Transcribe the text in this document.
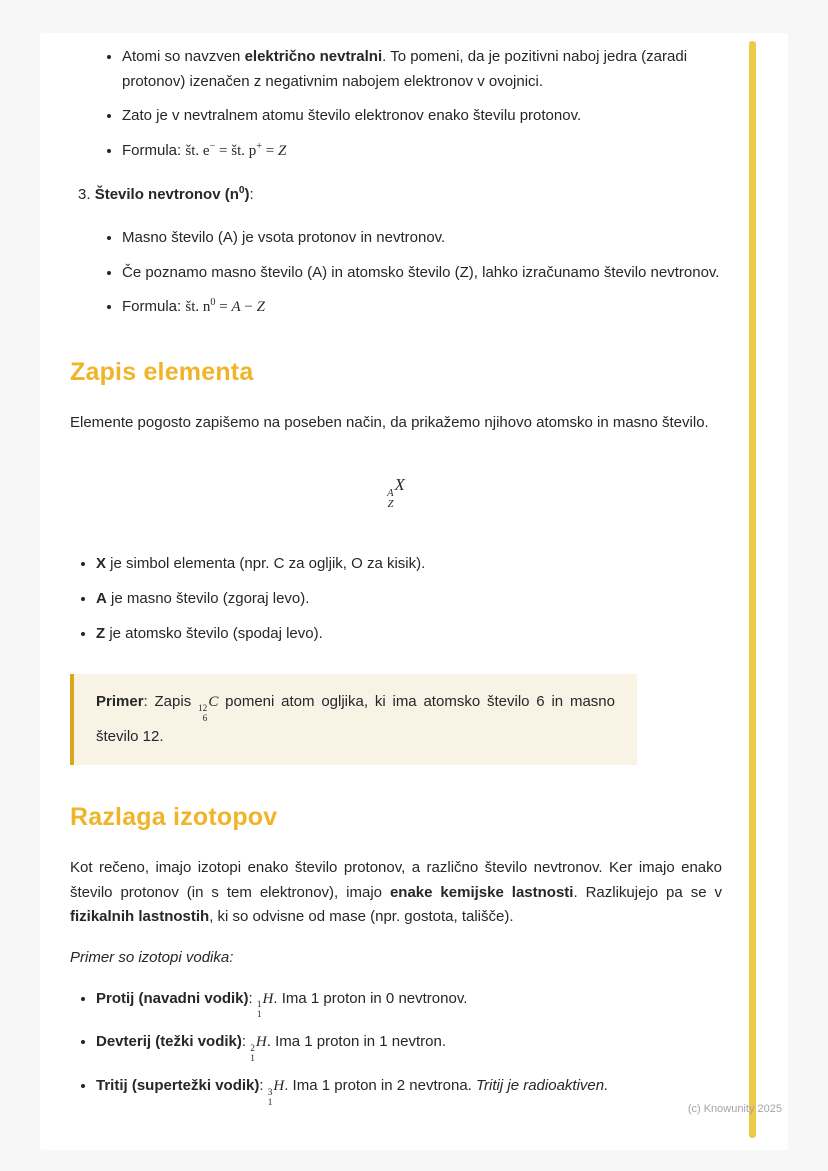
• Atomi so navzven električno nevtralni. To pomeni, da je pozitivni naboj jedra (zaradi protonov) izenačen z negativnim nabojem elektronov v ovojnici.
• Zato je v nevtralnem atomu število elektronov enako številu protonov.
• Formula: št. e− = št. p+ = Z
3. Število nevtronov $(n^0)$:
• Masno število (A) je vsota protonov in nevtronov.
• Če poznamo masno število (A) in atomsko število (Z), lahko izračunamo število nevtronov.
• Formula: št. $n^0 = A - Z$
Zapis elementa

Elemente pogosto zapišemo na poseben način, da prikažemo njihovo atomsko in masno število.

A
Z
X
• X je simbol elementa (npr. C za ogljik, O za kisik).
• A je masno število (zgoraj levo).
• Z je atomsko število (spodaj levo).
Primer: Zapis 12
6
C pomeni atom ogljika, ki ima atomsko število 6 in masno število 12.
Razlaga izotopov

Kot rečeno, imajo izotopi enako število protonov, a različno število nevtronov. Ker imajo enako število protonov (in s tem elektronov), imajo enake kemijske lastnosti. Razlikujejo pa se v fizikalnih lastnostih, ki so odvisne od mase (npr. gostota, tališče).

Primer so izotopi vodika:

• Protij (navadni vodik): 1
1
H. Ima 1 proton in 0 nevtronov.
• Devterij (težki vodik): 2
1
H. Ima 1 proton in 1 nevtron.
• Tritij (supertežki vodik): 3
1
H. Ima 1 proton in 2 nevtrona. Tritij je radioaktiven.
(c) Knowunity 2025
